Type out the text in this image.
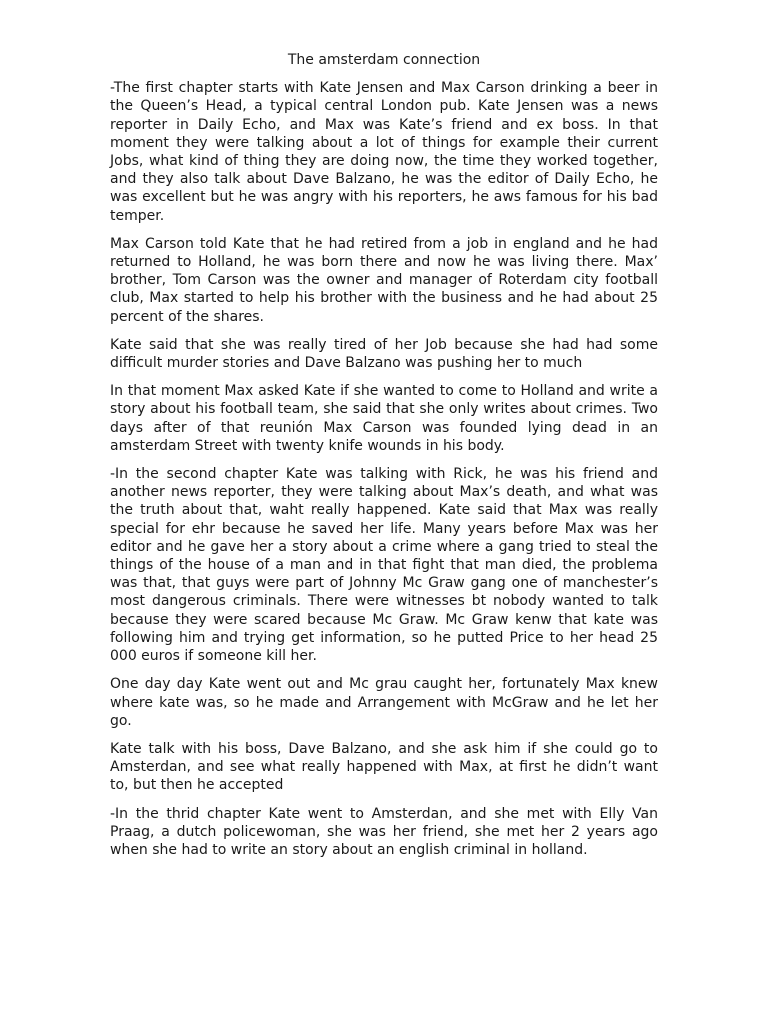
The amsterdam connection

-The first chapter starts with Kate Jensen and Max Carson drinking a beer in the Queen’s Head, a typical central London pub. Kate Jensen was a news reporter in Daily Echo, and Max was Kate’s friend and ex boss. In that moment they were talking about a lot of things for example their current Jobs, what kind of thing they are doing now, the time they worked together, and they also talk about Dave Balzano, he was the editor of Daily Echo, he was excellent but he was angry with his reporters, he aws famous for his bad temper.

Max Carson told Kate that he had retired from a job in england and he had returned to Holland, he was born there and now he was living there. Max’ brother, Tom Carson was the owner and manager of Roterdam city football club, Max started to help his brother with the business and he had about 25 percent of the shares.

Kate said that she was really tired of her Job because she had had some difficult murder stories and Dave Balzano was pushing her to much

In that moment Max asked Kate if she wanted to come to Holland and write a story about his football team, she said that she only writes about crimes. Two days after of that reunión Max Carson was founded lying dead in an amsterdam Street with twenty knife wounds in his body.

-In the second chapter Kate was talking with Rick, he was his friend and another news reporter, they were talking about Max’s death, and what was the truth about that, waht really happened. Kate said that Max was really special for ehr because he saved her life. Many years before Max was her editor and he gave her a story about a crime where a gang tried to steal the things of the house of a man and in that fight that man died, the problema was that, that guys were part of Johnny Mc Graw gang one of manchester’s most dangerous criminals. There were witnesses bt nobody wanted to talk because they were scared because Mc Graw. Mc Graw kenw that kate was following him and trying get information, so he putted Price to her head 25 000 euros if someone kill her.

One day day Kate went out and Mc grau caught her, fortunately Max knew where kate was, so he made and Arrangement with McGraw and he let her go.

Kate talk with his boss, Dave Balzano, and she ask him if she could go to Amsterdan, and see what really happened with Max, at first he didn’t want to, but then he accepted

-In the thrid chapter Kate went to Amsterdan, and she met with Elly Van Praag, a dutch policewoman, she was her friend, she met her 2 years ago when she had to write an story about an english criminal in holland.
